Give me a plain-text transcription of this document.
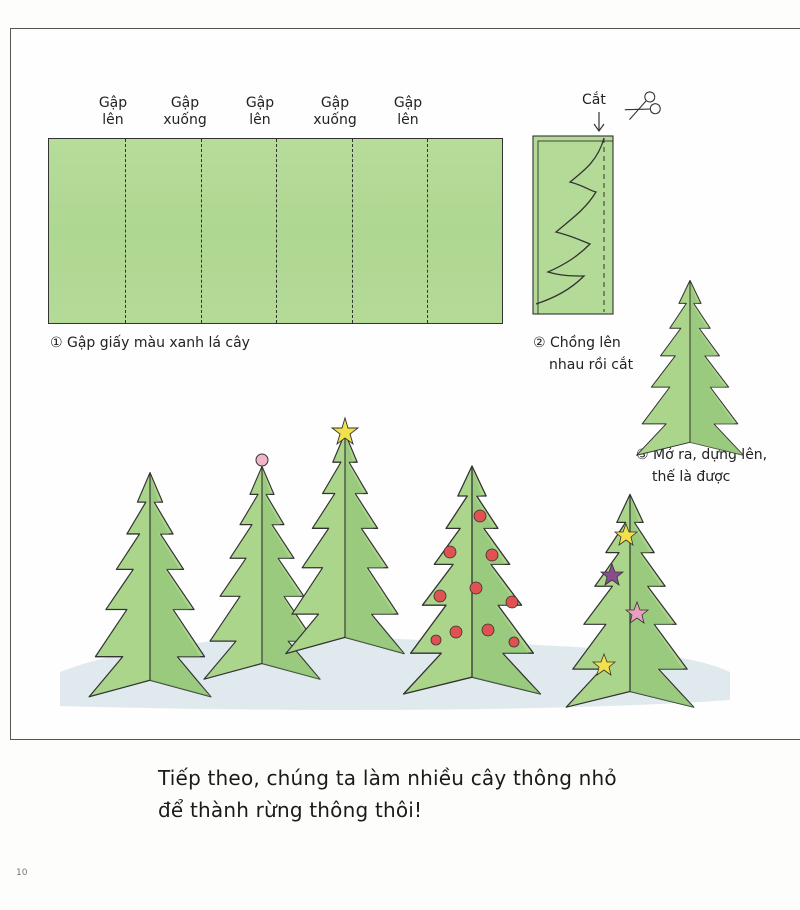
Gập
lên
Gập
xuống
Gập
lên
Gập
xuống
Gập
lên
① Gập giấy màu xanh lá cây
Cắt
② Chồng lên
nhau rồi cắt
③ Mở ra, dựng lên,
thế là được
Tiếp theo, chúng ta làm nhiều cây thông nhỏ
để thành rừng thông thôi!
10
